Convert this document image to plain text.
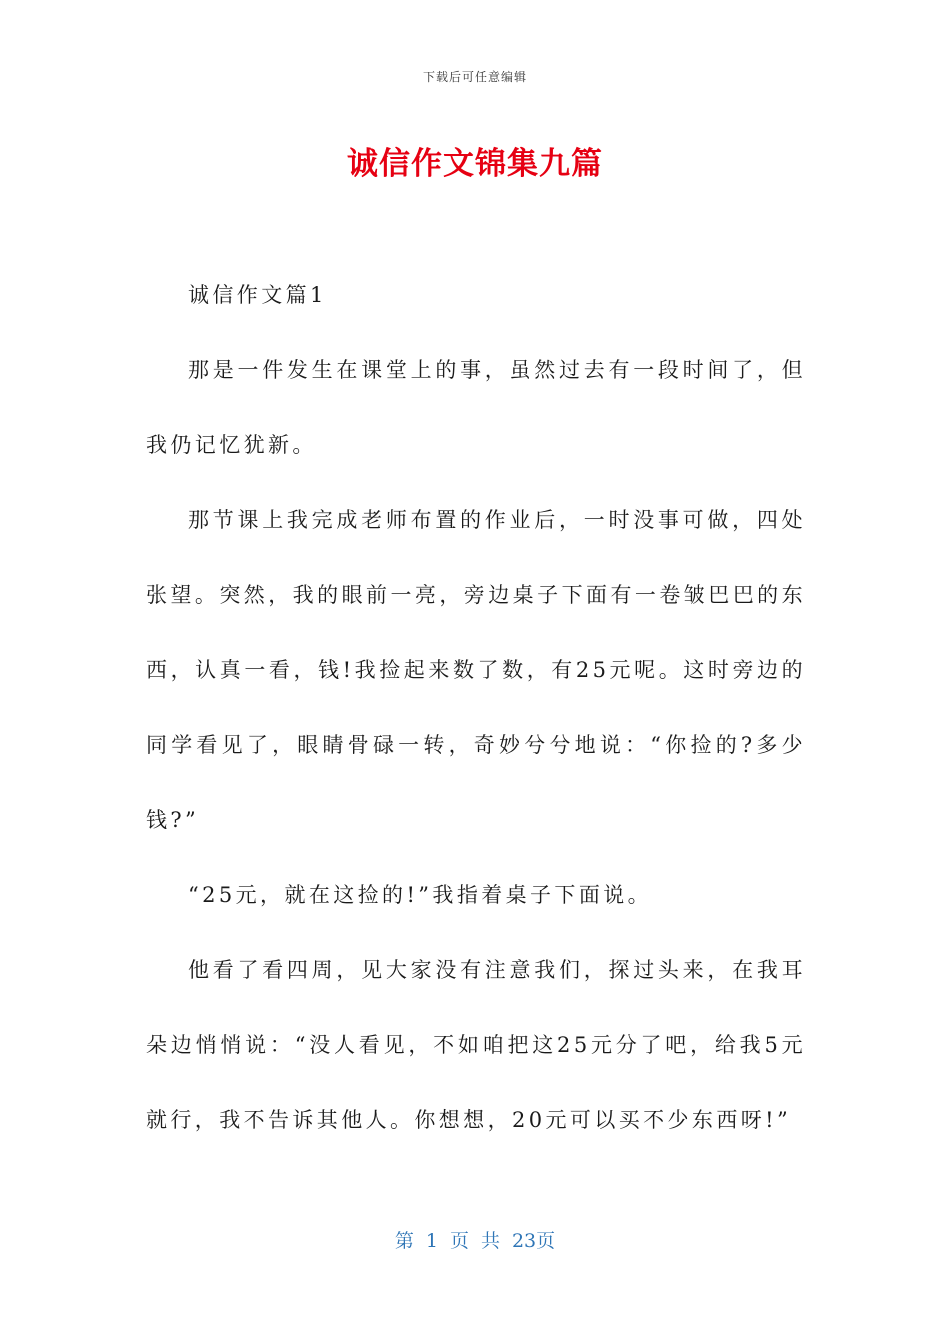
下载后可任意编辑
诚信作文锦集九篇

诚信作文篇1

那是一件发生在课堂上的事，虽然过去有一段时间了，但我仍记忆犹新。

那节课上我完成老师布置的作业后，一时没事可做，四处张望。突然，我的眼前一亮，旁边桌子下面有一卷皱巴巴的东西，认真一看，钱!我捡起来数了数，有25元呢。这时旁边的同学看见了，眼睛骨碌一转，奇妙兮兮地说：“你捡的?多少钱?”

“25元，就在这捡的!”我指着桌子下面说。

他看了看四周，见大家没有注意我们，探过头来，在我耳朵边悄悄说：“没人看见，不如咱把这25元分了吧，给我5元就行，我不告诉其他人。你想想，20元可以买不少东西呀!”

第 1 页 共 23页
